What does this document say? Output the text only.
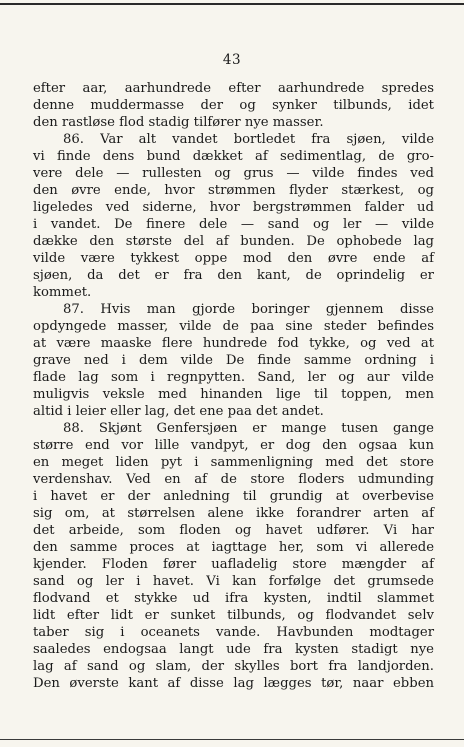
43
efter aar, aarhundrede efter aarhundrede spredes
denne muddermasse der og synker tilbunds, idet
den rastløse flod stadig tilfører nye masser.
86. Var alt vandet bortledet fra sjøen, vilde
vi finde dens bund dækket af sedimentlag, de gro-
vere dele — rullesten og grus — vilde findes ved
den øvre ende, hvor strømmen flyder stærkest, og
ligeledes ved siderne, hvor bergstrømmen falder ud
i vandet. De finere dele — sand og ler — vilde
dække den største del af bunden. De ophobede lag
vilde være tykkest oppe mod den øvre ende af
sjøen, da det er fra den kant, de oprindelig er
kommet.
87. Hvis man gjorde boringer gjennem disse
opdyngede masser, vilde de paa sine steder befindes
at være maaske flere hundrede fod tykke, og ved at
grave ned i dem vilde De finde samme ordning i
flade lag som i regnpytten. Sand, ler og aur vilde
muligvis veksle med hinanden lige til toppen, men
altid i leier eller lag, det ene paa det andet.
88. Skjønt Genfersjøen er mange tusen gange
større end vor lille vandpyt, er dog den ogsaa kun
en meget liden pyt i sammenligning med det store
verdenshav. Ved en af de store floders udmunding
i havet er der anledning til grundig at overbevise
sig om, at størrelsen alene ikke forandrer arten af
det arbeide, som floden og havet udfører. Vi har
den samme proces at iagttage her, som vi allerede
kjender. Floden fører uafladelig store mængder af
sand og ler i havet. Vi kan forfølge det grumsede
flodvand et stykke ud ifra kysten, indtil slammet
lidt efter lidt er sunket tilbunds, og flodvandet selv
taber sig i oceanets vande. Havbunden modtager
saaledes endogsaa langt ude fra kysten stadigt nye
lag af sand og slam, der skylles bort fra landjorden.
Den øverste kant af disse lag lægges tør, naar ebben
